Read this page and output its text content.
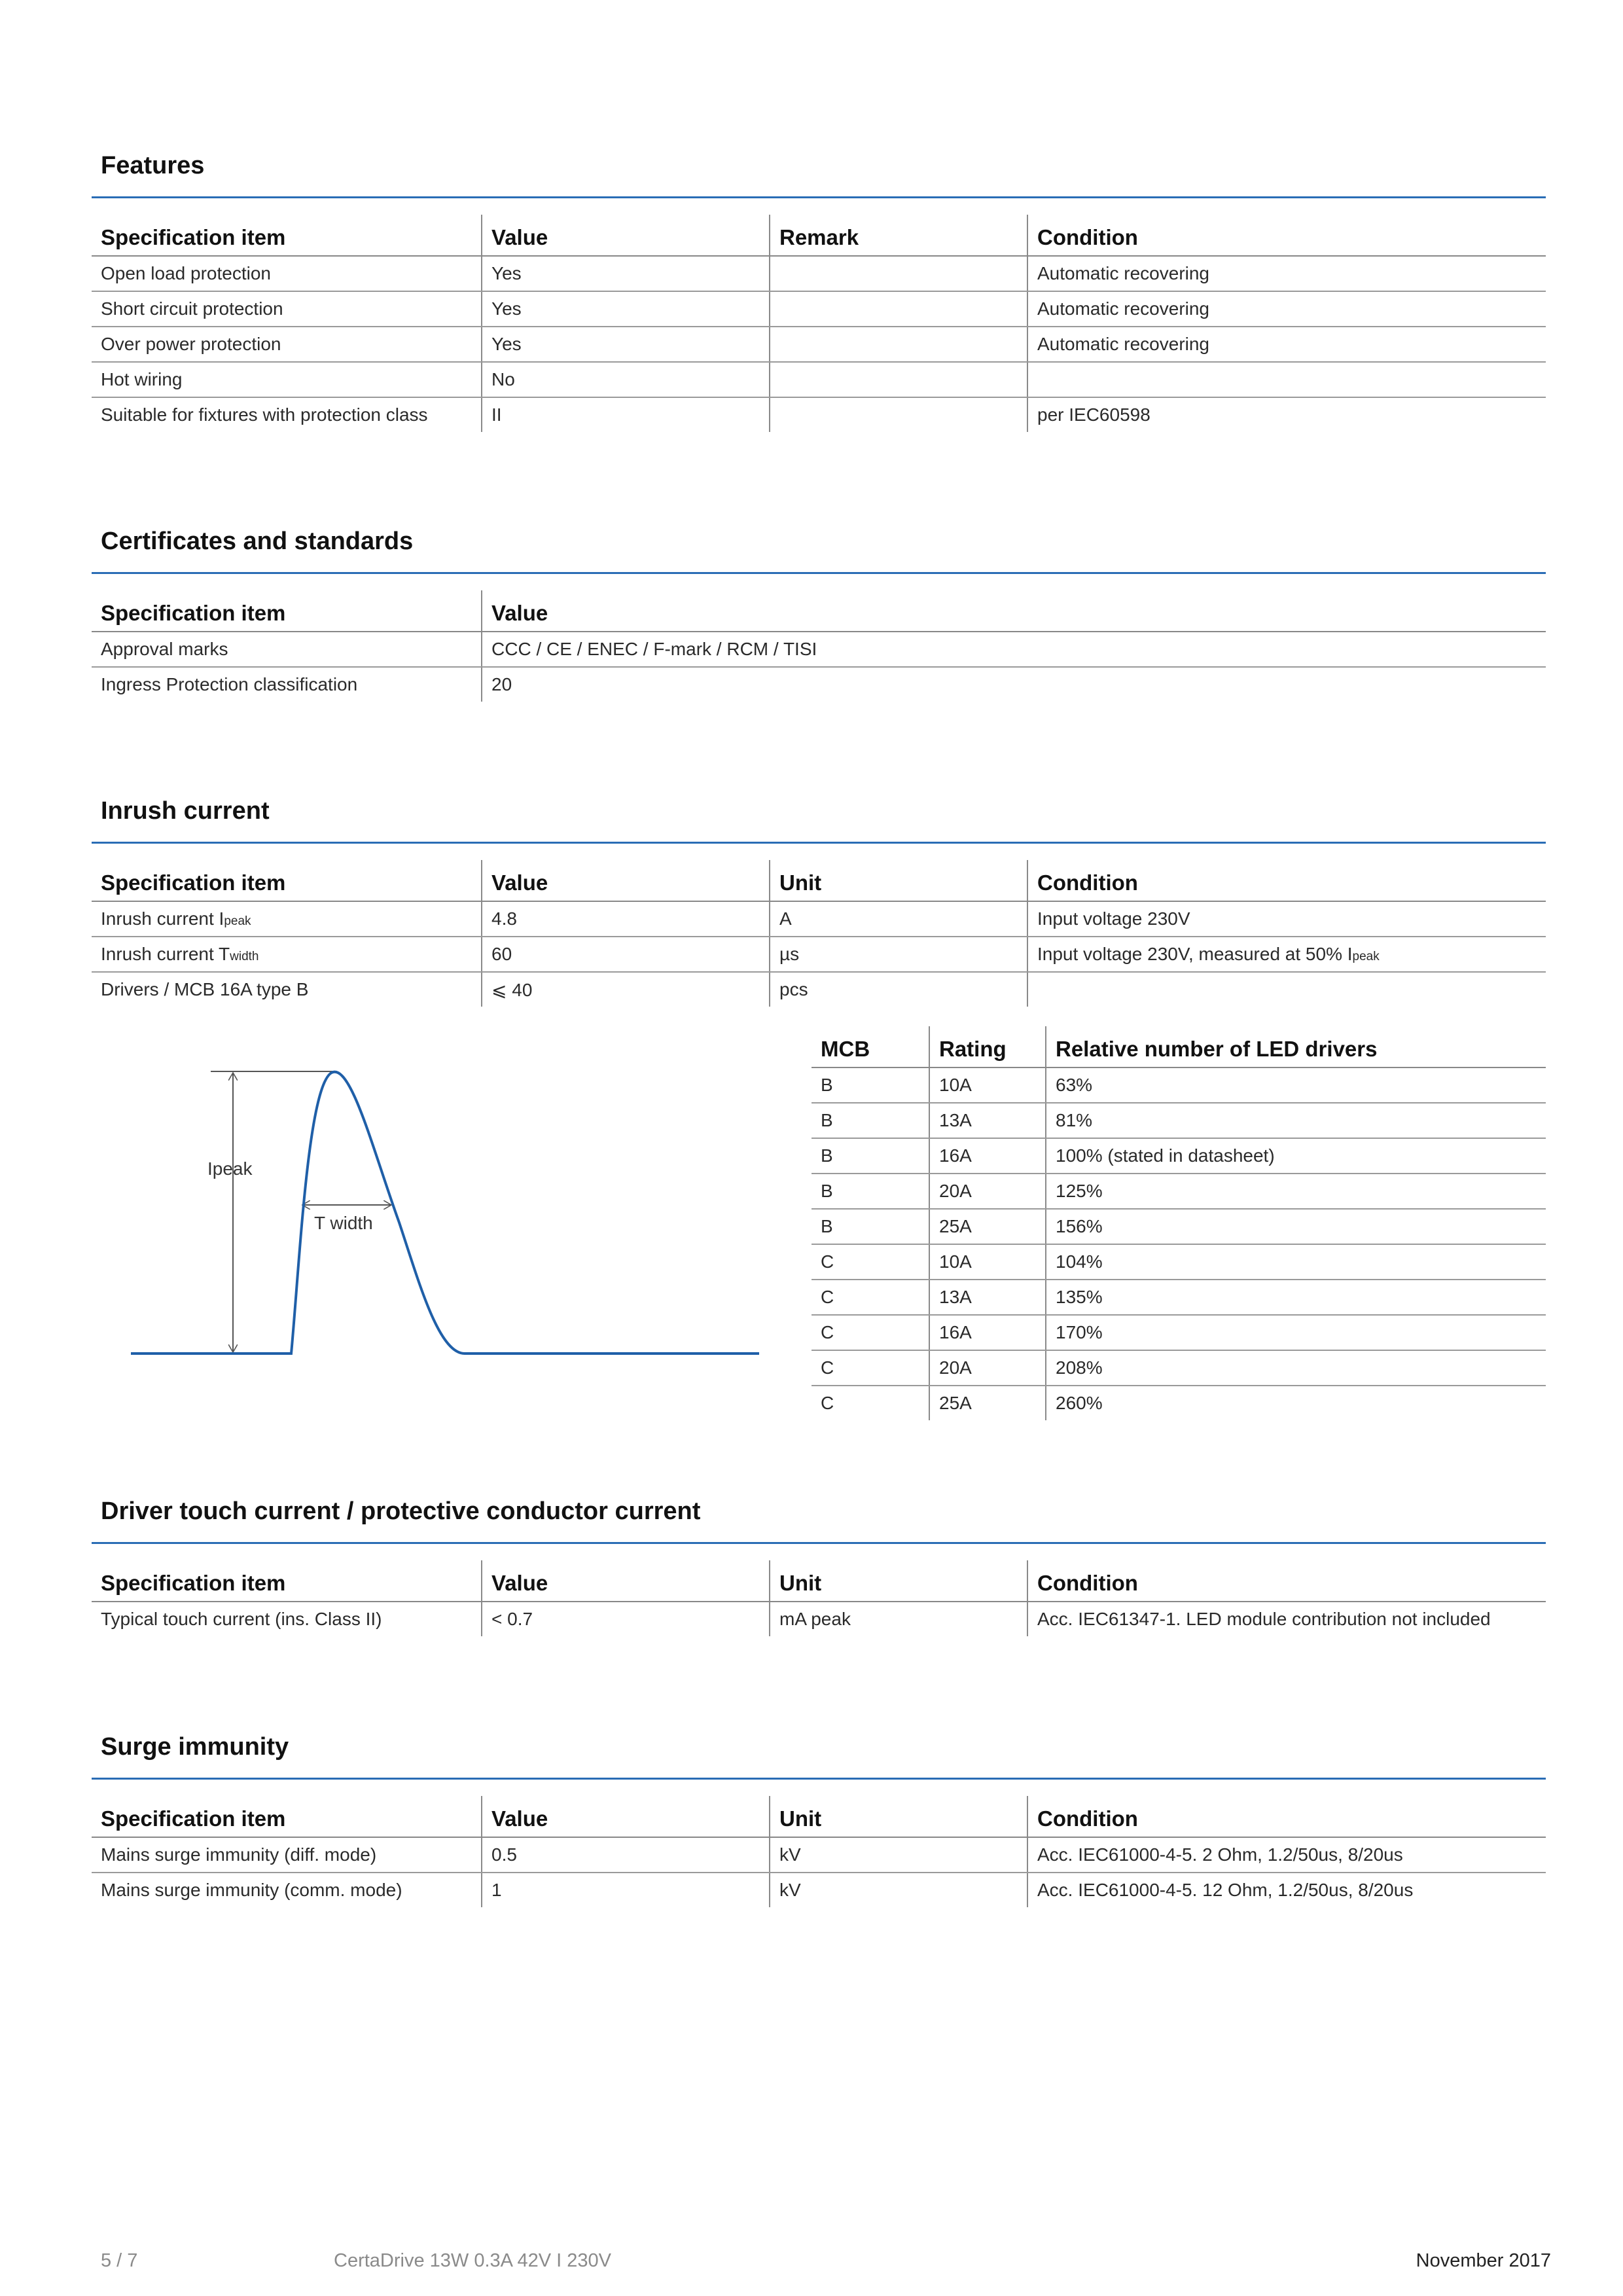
Features
Specification item	Value	Remark	Condition
Open load protection	Yes		Automatic recovering
Short circuit protection	Yes		Automatic recovering
Over power protection	Yes		Automatic recovering
Hot wiring	No		
Suitable for fixtures with protection class	II		per IEC60598
Certificates and standards
Specification item	Value
Approval marks	CCC / CE / ENEC / F-mark / RCM / TISI
Ingress Protection classification	20
Inrush current
Specification item	Value	Unit	Condition
Inrush current Ipeak	4.8	A	Input voltage 230V
Inrush current Twidth	60	µs	Input voltage 230V, measured at 50% Ipeak
Drivers / MCB 16A type B	⩽ 40	pcs	
Ipeak
T width
MCB	Rating	Relative number of LED drivers
B	10A	63%
B	13A	81%
B	16A	100% (stated in datasheet)
B	20A	125%
B	25A	156%
C	10A	104%
C	13A	135%
C	16A	170%
C	20A	208%
C	25A	260%
Driver touch current / protective conductor current
Specification item	Value	Unit	Condition
Typical touch current (ins. Class II)	< 0.7	mA peak	Acc. IEC61347-1. LED module contribution not included
Surge immunity
Specification item	Value	Unit	Condition
Mains surge immunity (diff. mode)	0.5	kV	Acc. IEC61000-4-5. 2 Ohm, 1.2/50us, 8/20us
Mains surge immunity (comm. mode)	1	kV	Acc. IEC61000-4-5. 12 Ohm, 1.2/50us, 8/20us
5 / 7	CertaDrive 13W 0.3A 42V I 230V	November 2017
